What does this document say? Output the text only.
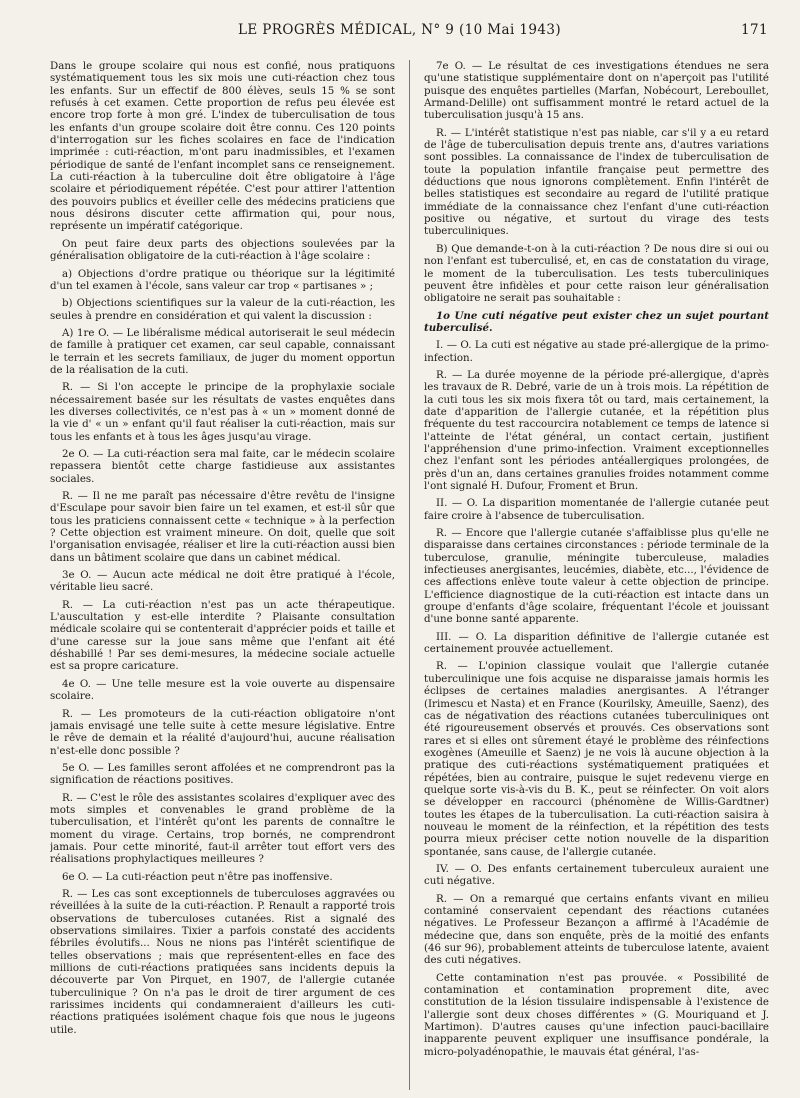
LE PROGRÈS MÉDICAL, N° 9 (10 Mai 1943)	171

Dans le groupe scolaire qui nous est confié, nous pratiquons systématiquement tous les six mois une cuti-réaction chez tous les enfants. Sur un effectif de 800 élèves, seuls 15 % se sont refusés à cet examen. Cette proportion de refus peu élevée est encore trop forte à mon gré. L'index de tuberculisation de tous les enfants d'un groupe scolaire doit être connu. Ces 120 points d'interrogation sur les fiches scolaires en face de l'indication imprimée : cuti-réaction, m'ont paru inadmissibles, et l'examen périodique de santé de l'enfant incomplet sans ce renseignement. La cuti-réaction à la tuberculine doit être obligatoire à l'âge scolaire et périodiquement répétée. C'est pour attirer l'attention des pouvoirs publics et éveiller celle des médecins praticiens que nous désirons discuter cette affirmation qui, pour nous, représente un impératif catégorique.

On peut faire deux parts des objections soulevées par la généralisation obligatoire de la cuti-réaction à l'âge scolaire :

a) Objections d'ordre pratique ou théorique sur la légitimité d'un tel examen à l'école, sans valeur car trop « partisanes » ;

b) Objections scientifiques sur la valeur de la cuti-réaction, les seules à prendre en considération et qui valent la discussion :

A) 1re O. — Le libéralisme médical autoriserait le seul médecin de famille à pratiquer cet examen, car seul capable, connaissant le terrain et les secrets familiaux, de juger du moment opportun de la réalisation de la cuti.

R. — Si l'on accepte le principe de la prophylaxie sociale nécessairement basée sur les résultats de vastes enquêtes dans les diverses collectivités, ce n'est pas à « un » moment donné de la vie d' « un » enfant qu'il faut réaliser la cuti-réaction, mais sur tous les enfants et à tous les âges jusqu'au virage.

2e O. — La cuti-réaction sera mal faite, car le médecin scolaire repassera bientôt cette charge fastidieuse aux assistantes sociales.

R. — Il ne me paraît pas nécessaire d'être revêtu de l'insigne d'Esculape pour savoir bien faire un tel examen, et est-il sûr que tous les praticiens connaissent cette « technique » à la perfection ? Cette objection est vraiment mineure. On doit, quelle que soit l'organisation envisagée, réaliser et lire la cuti-réaction aussi bien dans un bâtiment scolaire que dans un cabinet médical.

3e O. — Aucun acte médical ne doit être pratiqué à l'école, véritable lieu sacré.

R. — La cuti-réaction n'est pas un acte thérapeutique. L'auscultation y est-elle interdite ? Plaisante consultation médicale scolaire qui se contenterait d'apprécier poids et taille et d'une caresse sur la joue sans même que l'enfant ait été déshabillé ! Par ses demi-mesures, la médecine sociale actuelle est sa propre caricature.

4e O. — Une telle mesure est la voie ouverte au dispensaire scolaire.

R. — Les promoteurs de la cuti-réaction obligatoire n'ont jamais envisagé une telle suite à cette mesure législative. Entre le rêve de demain et la réalité d'aujourd'hui, aucune réalisation n'est-elle donc possible ?

5e O. — Les familles seront affolées et ne comprendront pas la signification de réactions positives.

R. — C'est le rôle des assistantes scolaires d'expliquer avec des mots simples et convenables le grand problème de la tuberculisation, et l'intérêt qu'ont les parents de connaître le moment du virage. Certains, trop bornés, ne comprendront jamais. Pour cette minorité, faut-il arrêter tout effort vers des réalisations prophylactiques meilleures ?

6e O. — La cuti-réaction peut n'être pas inoffensive.

R. — Les cas sont exceptionnels de tuberculoses aggravées ou réveillées à la suite de la cuti-réaction. P. Renault a rapporté trois observations de tuberculoses cutanées. Rist a signalé des observations similaires. Tixier a parfois constaté des accidents fébriles évolutifs... Nous ne nions pas l'intérêt scientifique de telles observations ; mais que représentent-elles en face des millions de cuti-réactions pratiquées sans incidents depuis la découverte par Von Pirquet, en 1907, de l'allergie cutanée tuberculinique ? On n'a pas le droit de tirer argument de ces rarissimes incidents qui condamneraient d'ailleurs les cuti-réactions pratiquées isolément chaque fois que nous le jugeons utile.

7e O. — Le résultat de ces investigations étendues ne sera qu'une statistique supplémentaire dont on n'aperçoit pas l'utilité puisque des enquêtes partielles (Marfan, Nobécourt, Lereboullet, Armand-Delille) ont suffisamment montré le retard actuel de la tuberculisation jusqu'à 15 ans.

R. — L'intérêt statistique n'est pas niable, car s'il y a eu retard de l'âge de tuberculisation depuis trente ans, d'autres variations sont possibles. La connaissance de l'index de tuberculisation de toute la population infantile française peut permettre des déductions que nous ignorons complètement. Enfin l'intérêt de belles statistiques est secondaire au regard de l'utilité pratique immédiate de la connaissance chez l'enfant d'une cuti-réaction positive ou négative, et surtout du virage des tests tuberculiniques.

B) Que demande-t-on à la cuti-réaction ? De nous dire si oui ou non l'enfant est tuberculisé, et, en cas de constatation du virage, le moment de la tuberculisation. Les tests tuberculiniques peuvent être infidèles et pour cette raison leur généralisation obligatoire ne serait pas souhaitable :

1o Une cuti négative peut exister chez un sujet pourtant tuberculisé.

I. — O. La cuti est négative au stade pré-allergique de la primo-infection.

R. — La durée moyenne de la période pré-allergique, d'après les travaux de R. Debré, varie de un à trois mois. La répétition de la cuti tous les six mois fixera tôt ou tard, mais certainement, la date d'apparition de l'allergie cutanée, et la répétition plus fréquente du test raccourcira notablement ce temps de latence si l'atteinte de l'état général, un contact certain, justifient l'appréhension d'une primo-infection. Vraiment exceptionnelles chez l'enfant sont les périodes antéallergiques prolongées, de près d'un an, dans certaines granulies froides notamment comme l'ont signalé H. Dufour, Froment et Brun.

II. — O. La disparition momentanée de l'allergie cutanée peut faire croire à l'absence de tuberculisation.

R. — Encore que l'allergie cutanée s'affaiblisse plus qu'elle ne disparaisse dans certaines circonstances : période terminale de la tuberculose, granulie, méningite tuberculeuse, maladies infectieuses anergisantes, leucémies, diabète, etc..., l'évidence de ces affections enlève toute valeur à cette objection de principe. L'efficience diagnostique de la cuti-réaction est intacte dans un groupe d'enfants d'âge scolaire, fréquentant l'école et jouissant d'une bonne santé apparente.

III. — O. La disparition définitive de l'allergie cutanée est certainement prouvée actuellement.

R. — L'opinion classique voulait que l'allergie cutanée tuberculinique une fois acquise ne disparaisse jamais hormis les éclipses de certaines maladies anergisantes. A l'étranger (Irimescu et Nasta) et en France (Kourilsky, Ameuille, Saenz), des cas de négativation des réactions cutanées tuberculiniques ont été rigoureusement observés et prouvés. Ces observations sont rares et si elles ont sûrement étayé le problème des réinfections exogènes (Ameuille et Saenz) je ne vois là aucune objection à la pratique des cuti-réactions systématiquement pratiquées et répétées, bien au contraire, puisque le sujet redevenu vierge en quelque sorte vis-à-vis du B. K., peut se réinfecter. On voit alors se développer en raccourci (phénomène de Willis-Gardtner) toutes les étapes de la tuberculisation. La cuti-réaction saisira à nouveau le moment de la réinfection, et la répétition des tests pourra mieux préciser cette notion nouvelle de la disparition spontanée, sans cause, de l'allergie cutanée.

IV. — O. Des enfants certainement tuberculeux auraient une cuti négative.

R. — On a remarqué que certains enfants vivant en milieu contaminé conservaient cependant des réactions cutanées négatives. Le Professeur Bezançon a affirmé à l'Académie de médecine que, dans son enquête, près de la moitié des enfants (46 sur 96), probablement atteints de tuberculose latente, avaient des cuti négatives.

Cette contamination n'est pas prouvée. « Possibilité de contamination et contamination proprement dite, avec constitution de la lésion tissulaire indispensable à l'existence de l'allergie sont deux choses différentes » (G. Mouriquand et J. Martimon). D'autres causes qu'une infection pauci-bacillaire inapparente peuvent expliquer une insuffisance pondérale, la micro-polyadénopathie, le mauvais état général, l'as-
